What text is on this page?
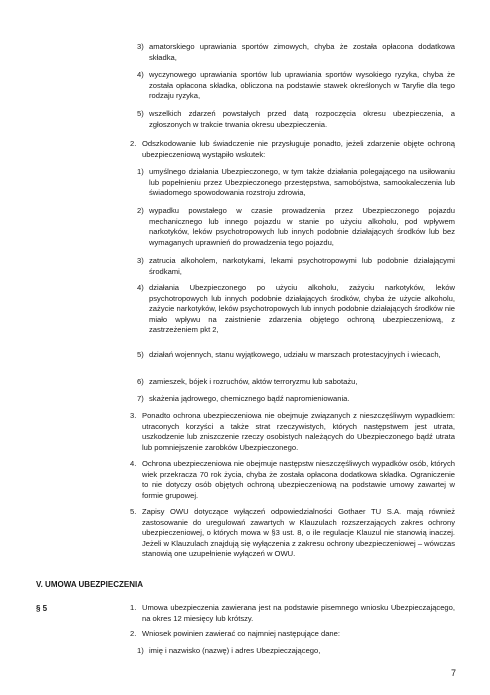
3) amatorskiego uprawiania sportów zimowych, chyba że została opłacona dodatkowa składka,
4) wyczynowego uprawiania sportów lub uprawiania sportów wysokiego ryzyka, chyba że została opłacona składka, obliczona na podstawie stawek określonych w Taryfie dla tego rodzaju ryzyka,
5) wszelkich zdarzeń powstałych przed datą rozpoczęcia okresu ubezpieczenia, a zgłoszonych w trakcie trwania okresu ubezpieczenia.
2. Odszkodowanie lub świadczenie nie przysługuje ponadto, jeżeli zdarzenie objęte ochroną ubezpieczeniową wystąpiło wskutek:
1) umyślnego działania Ubezpieczonego, w tym także działania polegającego na usiłowaniu lub popełnieniu przez Ubezpieczonego przestępstwa, samobójstwa, samookaleczenia lub świadomego spowodowania rozstroju zdrowia,
2) wypadku powstałego w czasie prowadzenia przez Ubezpieczonego pojazdu mechanicznego lub innego pojazdu w stanie po użyciu alkoholu, pod wpływem narkotyków, leków psychotropowych lub innych podobnie działających środków lub bez wymaganych uprawnień do prowadzenia tego pojazdu,
3) zatrucia alkoholem, narkotykami, lekami psychotropowymi lub podobnie działającymi środkami,
4) działania Ubezpieczonego po użyciu alkoholu, zażyciu narkotyków, leków psychotropowych lub innych podobnie działających środków, chyba że użycie alkoholu, zażycie narkotyków, leków psychotropowych lub innych podobnie działających środków nie miało wpływu na zaistnienie zdarzenia objętego ochroną ubezpieczeniową, z zastrzeżeniem pkt 2,
5) działań wojennych, stanu wyjątkowego, udziału w marszach protestacyjnych i wiecach,
6) zamieszek, bójek i rozruchów, aktów terroryzmu lub sabotażu,
7) skażenia jądrowego, chemicznego bądź napromieniowania.
3. Ponadto ochrona ubezpieczeniowa nie obejmuje związanych z nieszczęśliwym wypadkiem: utraconych korzyści a także strat rzeczywistych, których następstwem jest utrata, uszkodzenie lub zniszczenie rzeczy osobistych należących do Ubezpieczonego bądź utrata lub pomniejszenie zarobków Ubezpieczonego.
4. Ochrona ubezpieczeniowa nie obejmuje następstw nieszczęśliwych wypadków osób, których wiek przekracza 70 rok życia, chyba że została opłacona dodatkowa składka. Ograniczenie to nie dotyczy osób objętych ochroną ubezpieczeniową na podstawie umowy zawartej w formie grupowej.
5. Zapisy OWU dotyczące wyłączeń odpowiedzialności Gothaer TU S.A. mają również zastosowanie do uregulowań zawartych w Klauzulach rozszerzających zakres ochrony ubezpieczeniowej, o których mowa w §3 ust. 8, o ile regulacje Klauzul nie stanowią inaczej. Jeżeli w Klauzulach znajdują się wyłączenia z zakresu ochrony ubezpieczeniowej – wówczas stanowią one uzupełnienie wyłączeń w OWU.
V. UMOWA UBEZPIECZENIA
§ 5	1. Umowa ubezpieczenia zawierana jest na podstawie pisemnego wniosku Ubezpieczającego, na okres 12 miesięcy lub krótszy.
2. Wniosek powinien zawierać co najmniej następujące dane:
1) imię i nazwisko (nazwę) i adres Ubezpieczającego,
7
